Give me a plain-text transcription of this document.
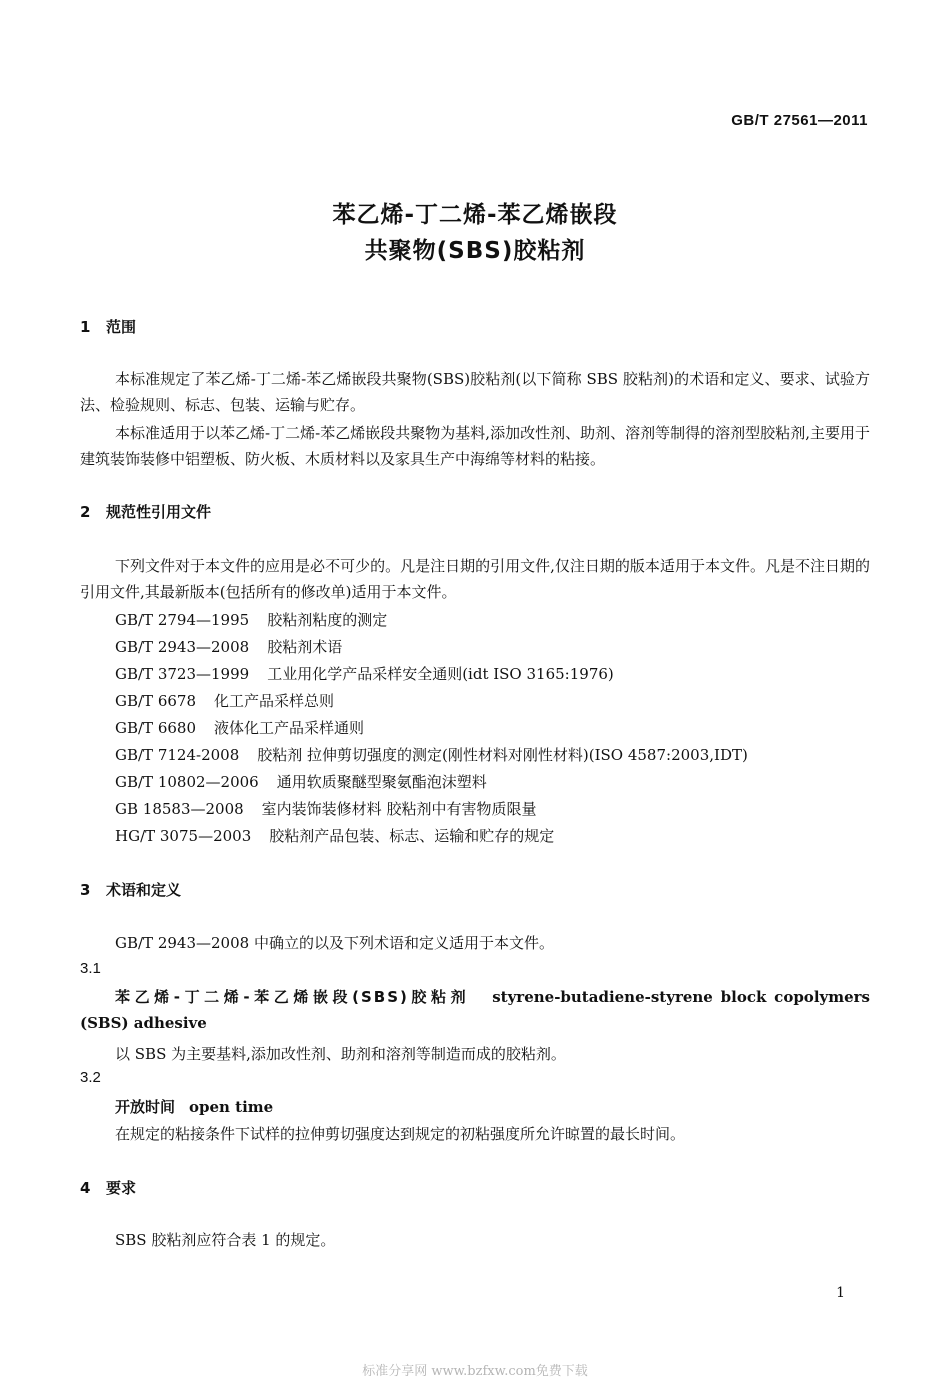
GB/T 27561—2011
苯乙烯-丁二烯-苯乙烯嵌段
共聚物(SBS)胶粘剂
1 范围

本标准规定了苯乙烯-丁二烯-苯乙烯嵌段共聚物(SBS)胶粘剂(以下简称 SBS 胶粘剂)的术语和定义、要求、试验方法、检验规则、标志、包装、运输与贮存。

本标准适用于以苯乙烯-丁二烯-苯乙烯嵌段共聚物为基料,添加改性剂、助剂、溶剂等制得的溶剂型胶粘剂,主要用于建筑装饰装修中铝塑板、防火板、木质材料以及家具生产中海绵等材料的粘接。

2 规范性引用文件

下列文件对于本文件的应用是必不可少的。凡是注日期的引用文件,仅注日期的版本适用于本文件。凡是不注日期的引用文件,其最新版本(包括所有的修改单)适用于本文件。

GB/T 2794—1995 胶粘剂粘度的测定
GB/T 2943—2008 胶粘剂术语
GB/T 3723—1999 工业用化学产品采样安全通则(idt ISO 3165:1976)
GB/T 6678 化工产品采样总则
GB/T 6680 液体化工产品采样通则
GB/T 7124-2008 胶粘剂 拉伸剪切强度的测定(刚性材料对刚性材料)(ISO 4587:2003,IDT)
GB/T 10802—2006 通用软质聚醚型聚氨酯泡沫塑料
GB 18583—2008 室内装饰装修材料 胶粘剂中有害物质限量
HG/T 3075—2003 胶粘剂产品包装、标志、运输和贮存的规定
3 术语和定义
GB/T 2943—2008 中确立的以及下列术语和定义适用于本文件。
3.1

苯乙烯-丁二烯-苯乙烯嵌段(SBS)胶粘剂 styrene-butadiene-styrene block copolymers (SBS) adhesive

以 SBS 为主要基料,添加改性剂、助剂和溶剂等制造而成的胶粘剂。
3.2
开放时间 open time
在规定的粘接条件下试样的拉伸剪切强度达到规定的初粘强度所允许晾置的最长时间。
4 要求
SBS 胶粘剂应符合表 1 的规定。
1
标准分享网 www.bzfxw.com免费下载
